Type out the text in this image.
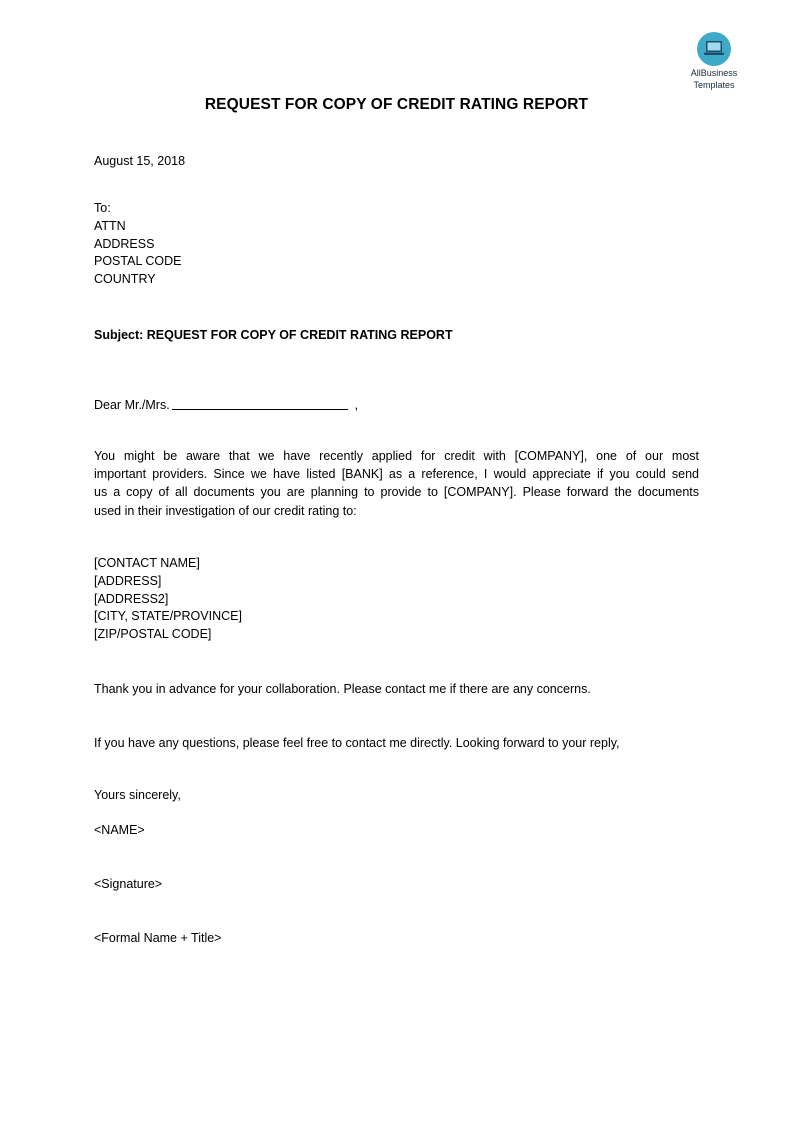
AllBusiness
Templates
REQUEST FOR COPY OF CREDIT RATING REPORT
August 15, 2018
To:
ATTN
ADDRESS
POSTAL CODE
COUNTRY
Subject: REQUEST FOR COPY OF CREDIT RATING REPORT
Dear Mr./Mrs.	,
You might be aware that we have recently applied for credit with [COMPANY], one of our most
important providers. Since we have listed [BANK] as a reference, I would appreciate if you could send
us a copy of all documents you are planning to provide to [COMPANY]. Please forward the documents
used in their investigation of our credit rating to:
[CONTACT NAME]
[ADDRESS]
[ADDRESS2]
[CITY, STATE/PROVINCE]
[ZIP/POSTAL CODE]
Thank you in advance for your collaboration. Please contact me if there are any concerns.
If you have any questions, please feel free to contact me directly. Looking forward to your reply,
Yours sincerely,
<NAME>
<Signature>
<Formal Name + Title>
